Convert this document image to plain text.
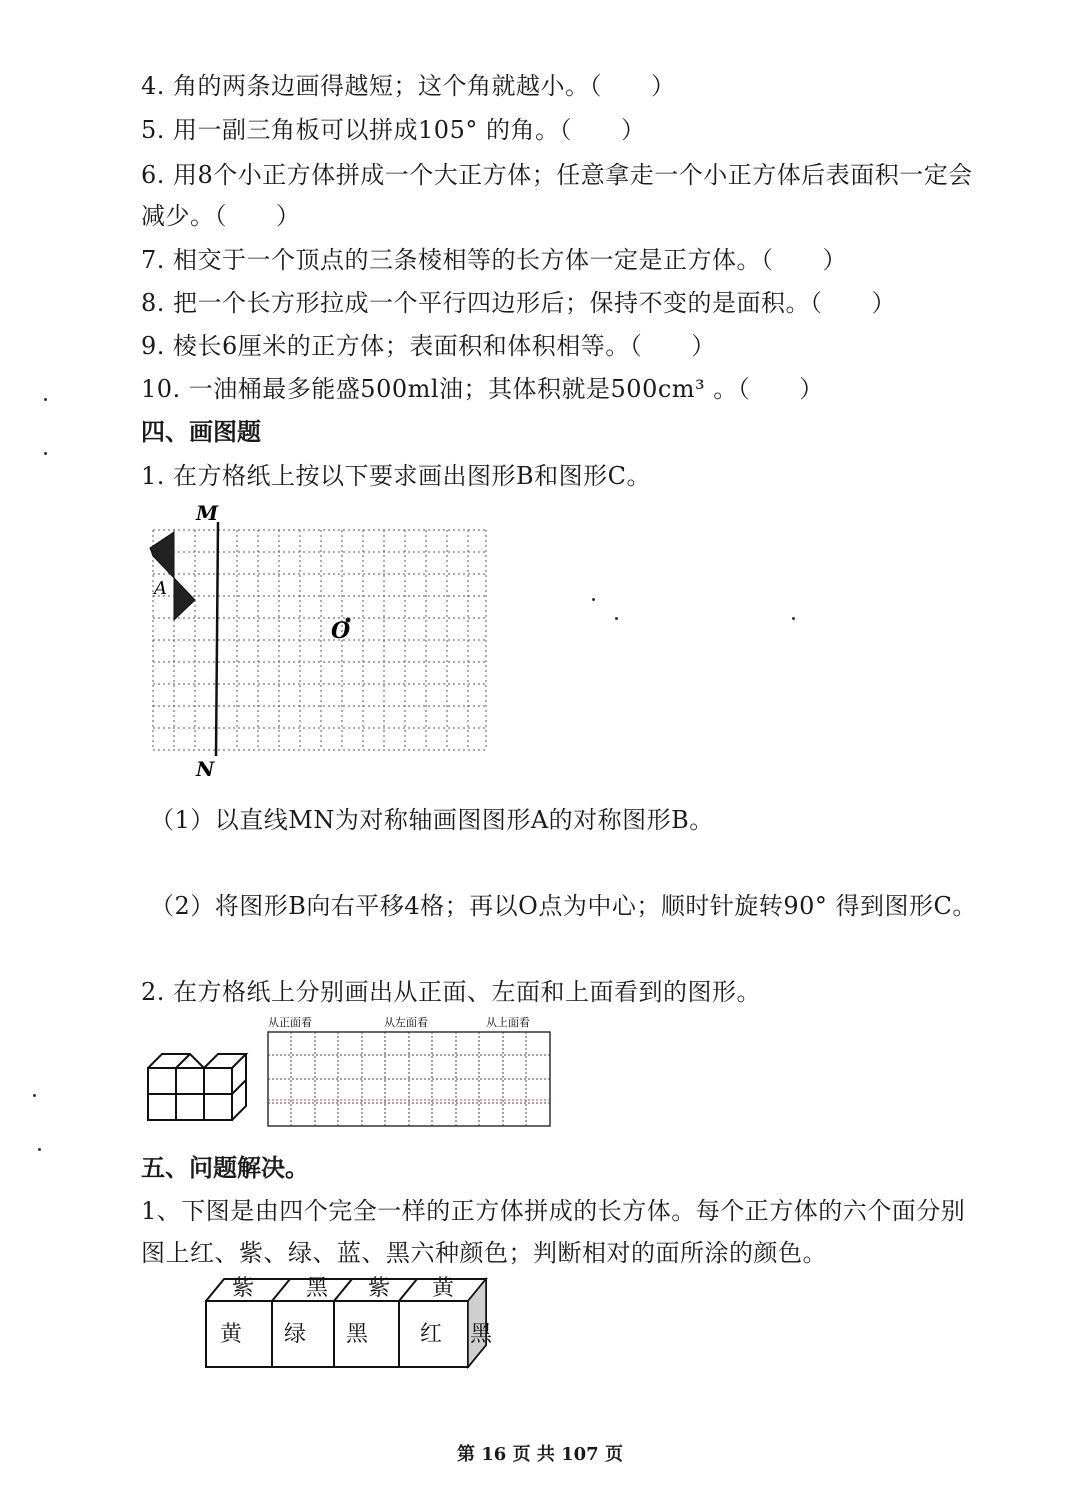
4. 角的两条边画得越短；这个角就越小。（　　）
5. 用一副三角板可以拼成105° 的角。（　　）
6. 用8个小正方体拼成一个大正方体；任意拿走一个小正方体后表面积一定会
减少。（　　）
7. 相交于一个顶点的三条棱相等的长方体一定是正方体。（　　）
8. 把一个长方形拉成一个平行四边形后；保持不变的是面积。（　　）
9. 棱长6厘米的正方体；表面积和体积相等。（　　）
10. 一油桶最多能盛500ml油；其体积就是500cm³ 。（　　）
四、画图题
1. 在方格纸上按以下要求画出图形B和图形C。
M
N
A
O
（1）以直线MN为对称轴画图图形A的对称图形B。
（2）将图形B向右平移4格；再以O点为中心；顺时针旋转90° 得到图形C。
2. 在方格纸上分别画出从正面、左面和上面看到的图形。
从正面看	从左面看	从上面看
五、问题解决。
1、下图是由四个完全一样的正方体拼成的长方体。每个正方体的六个面分别
图上红、紫、绿、蓝、黑六种颜色；判断相对的面所涂的颜色。
紫 黑 紫 黄
黄 绿 黑 红 黑
第 16 页 共 107 页
